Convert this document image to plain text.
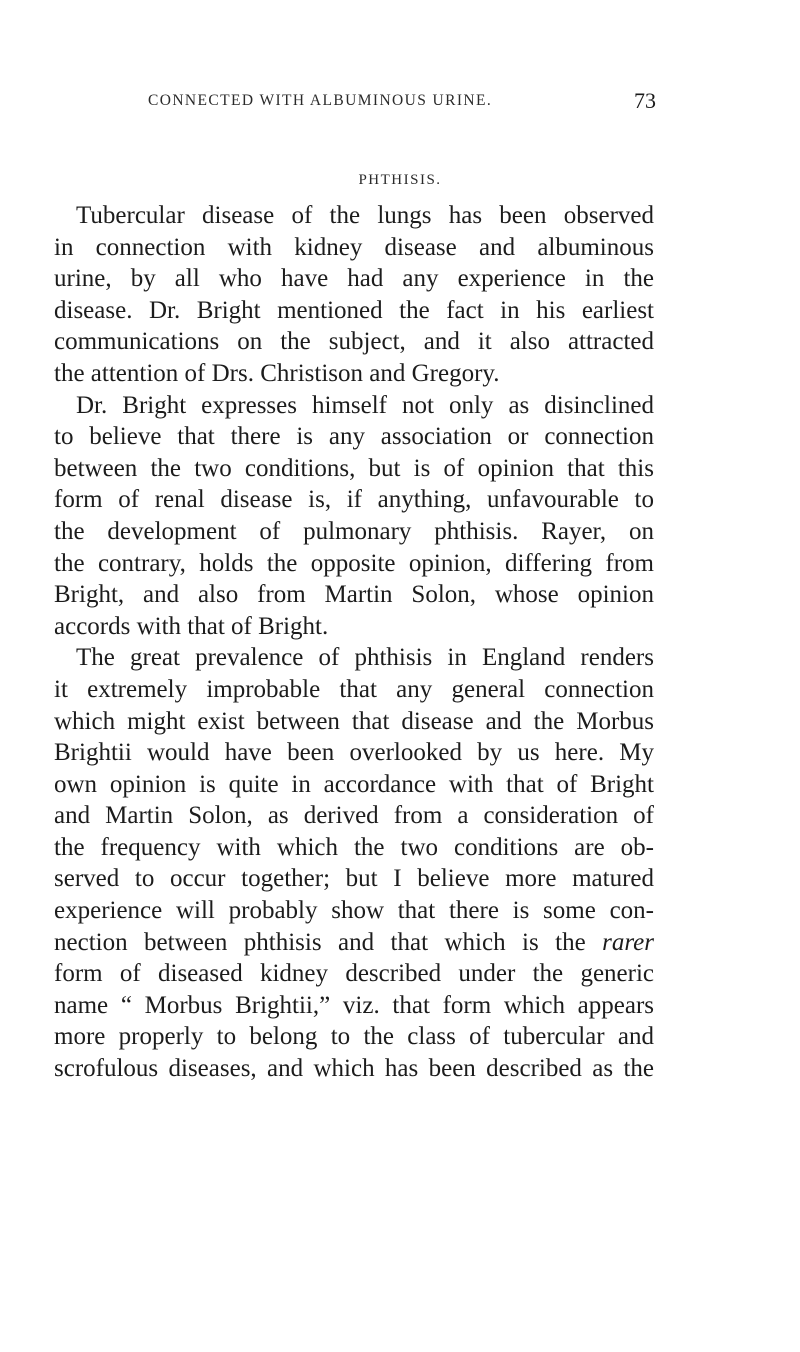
CONNECTED WITH ALBUMINOUS URINE.	73
PHTHISIS.
Tubercular disease of the lungs has been observed
in connection with kidney disease and albuminous
urine, by all who have had any experience in the
disease. Dr. Bright mentioned the fact in his earliest
communications on the subject, and it also attracted
the attention of Drs. Christison and Gregory.
Dr. Bright expresses himself not only as disinclined
to believe that there is any association or connection
between the two conditions, but is of opinion that this
form of renal disease is, if anything, unfavourable to
the development of pulmonary phthisis. Rayer, on
the contrary, holds the opposite opinion, differing from
Bright, and also from Martin Solon, whose opinion
accords with that of Bright.
The great prevalence of phthisis in England renders
it extremely improbable that any general connection
which might exist between that disease and the Morbus
Brightii would have been overlooked by us here. My
own opinion is quite in accordance with that of Bright
and Martin Solon, as derived from a consideration of
the frequency with which the two conditions are ob-
served to occur together; but I believe more matured
experience will probably show that there is some con-
nection between phthisis and that which is the rarer
form of diseased kidney described under the generic
name “ Morbus Brightii,” viz. that form which appears
more properly to belong to the class of tubercular and
scrofulous diseases, and which has been described as the
